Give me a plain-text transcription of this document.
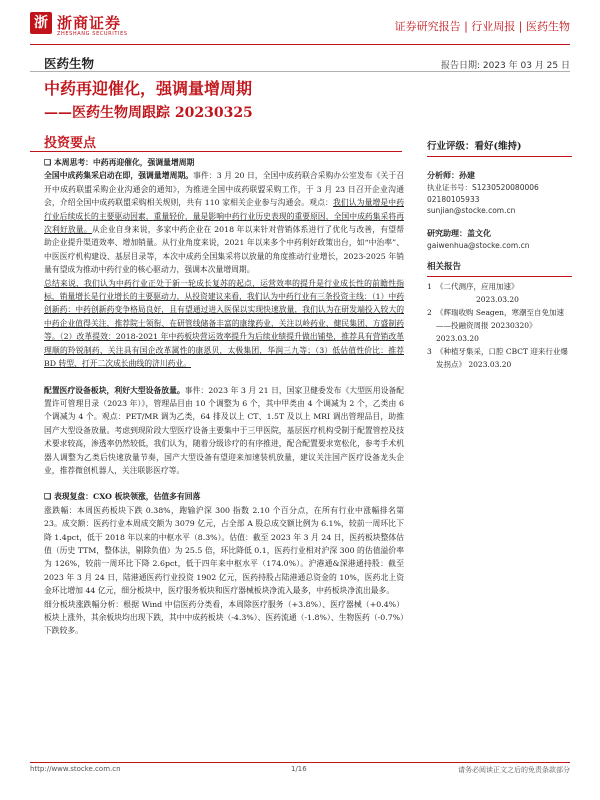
浙 浙商证券
ZHESHANG SECURITIES
证券研究报告 | 行业周报 | 医药生物
医药生物	报告日期: 2023 年 03 月 25 日
中药再迎催化，强调量增周期
——医药生物周跟踪 20230325
投资要点
❑ 本周思考：中药再迎催化，强调量增周期

全国中成药集采启动在即，强调量增周期。事件：3 月 20 日，全国中成药联合采购办公室发布《关于召开中成药联盟采购企业沟通会的通知》，为推进全国中成药联盟采购工作，于 3 月 23 日召开企业沟通会，介绍全国中成药联盟采购相关规则，共有 110 家相关企业参与沟通会。观点：我们认为量增是中药行业后续成长的主要驱动因素，重量轻价，量是影响中药行业历史表现的重要原因，全国中成药集采将再次利好放量。从企业自身来说，多家中药企业在 2018 年以来针对营销体系进行了优化与改善，有望帮助企业提升渠道效率、增加销量。从行业角度来说，2021 年以来多个中药利好政策出台，如“中治率”、中医医疗机构建设、基层目录等，本次中成药全国集采将以放量的角度推动行业增长，2023-2025 年销量有望成为推动中药行业的核心驱动力，强调本次量增周期。

总结来说，我们认为中药行业正处于新一轮成长复苏的起点，运营效率的提升是行业成长性的前瞻性指标，销量增长是行业增长的主要驱动力，从投资建议来看，我们认为中药行业有三条投资主线：（1）中药创新药：中药创新药变争格局良好，且有望通过进入医保以实现快速放量，我们认为在研发端投入较大的中药企业值得关注，推荐院士领衔、在研管线储备丰富的康缘药业，关注以岭药业、健民集团、方盛制药等。（2）改革提效：2018-2021 年中药板块营运效率提升为后续业绩提升做出铺垫，推荐具有营销改革理顺的羚锐制药，关注具有国企改革属性的康恩贝，太极集团，华润三九等；（3）低估值性价比：推荐 BD 转型、打开二次成长曲线的济川药业。

配置医疗设备板块，利好大型设备放量。事件：2023 年 3 月 21 日，国家卫健委发布《大型医用设备配置许可管理目录（2023 年）》，管理品目由 10 个调整为 6 个，其中甲类由 4 个调减为 2 个，乙类由 6 个调减为 4 个。观点：PET/MR 调为乙类，64 排及以上 CT、1.5T 及以上 MRI 调出管理品目，助推国产大型设备放量。考虑到现阶段大型医疗设备主要集中于三甲医院，基层医疗机构受制于配置管控及技术要求较高，渗透率仍然较低，我们认为，随着分级诊疗的有序推进，配合配置要求宽松化，参考手术机器人调整为乙类后快速放量节奏，国产大型设备有望迎来加速装机放量，建议关注国产医疗设备龙头企业，推荐微创机器人，关注联影医疗等。

❑ 表现复盘：CXO 板块领涨，估值多有回落

涨跌幅：本周医药板块下跌 0.38%，跑输沪深 300 指数 2.10 个百分点，在所有行业中涨幅排名第 23。成交额：医药行业本周成交额为 3079 亿元，占全部 A 股总成交额比例为 6.1%，较前一周环比下降 1.4pct，低于 2018 年以来的中枢水平（8.3%）。估值：截至 2023 年 3 月 24 日，医药板块整体估值（历史 TTM，整体法，剔除负值）为 25.5 倍，环比降低 0.1，医药行业相对沪深 300 的估值溢价率为 126%，较前一周环比下降 2.6pct，低于四年来中枢水平（174.0%）。沪港通&深港通持股：截至 2023 年 3 月 24 日，陆港通医药行业投资 1902 亿元，医药持股占陆港通总资金的 10%，医药北上资金环比增加 44 亿元，细分板块中，医疗服务板块和医疗器械板块净流入最多，中药板块净流出最多。

细分板块涨跌幅分析：根据 Wind 中信医药分类看，本周除医疗服务（+3.8%）、医疗器械（+0.4%）板块上涨外，其余板块均出现下跌，其中中成药板块（-4.3%）、医药流通（-1.8%）、生物医药（-0.7%）下跌较多。

行业评级：看好(维持)
分析师：孙建
执业证书号：S1230520080006
02180105933
sunjian@stocke.com.cn
研究助理：盖文化
gaiwenhua@stocke.com.cn
相关报告
1 《二代测序，应用加速》
2023.03.20
2 《辉瑞收购 Seagen，寒潮至自免加速——投融资周报 20230320》 2023.03.20
3 《种植牙集采，口腔 CBCT 迎来行业爆发拐点》 2023.03.20
http://www.stocke.com.cn	1/16	请务必阅读正文之后的免责条款部分
